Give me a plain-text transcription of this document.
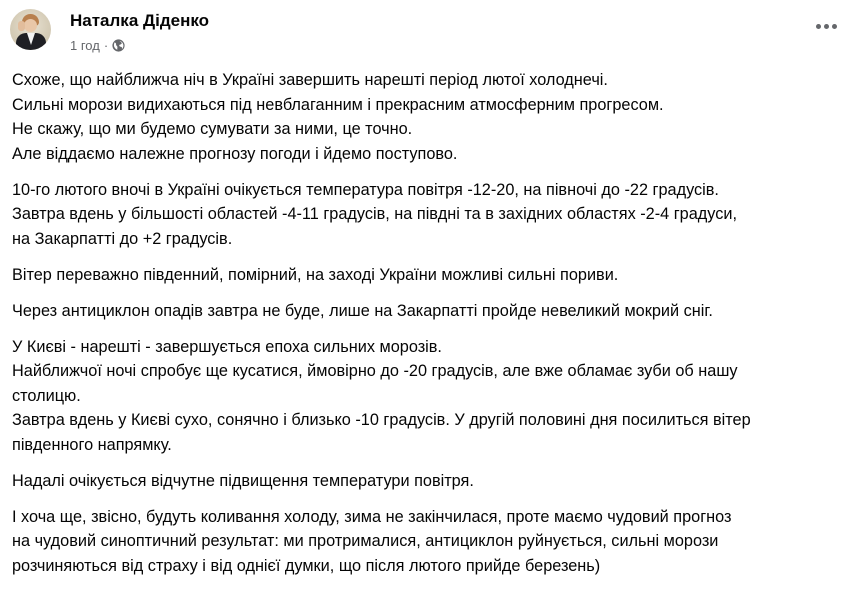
Наталка Діденко
1 год ·
Схоже, що найближча ніч в Україні завершить нарешті період лютої холоднечі.
Сильні морози видихаються під невблаганним і прекрасним атмосферним прогресом.
Не скажу, що ми будемо сумувати за ними, це точно.
Але віддаємо належне прогнозу погоди і йдемо поступово.
10-го лютого вночі в Україні очікується температура повітря -12-20, на півночі до -22 градусів.
Завтра вдень у більшості областей -4-11 градусів, на півдні та в західних областях -2-4 градуси,
на Закарпатті до +2 градусів.
Вітер переважно південний, помірний, на заході України можливі сильні пориви.
Через антициклон опадів завтра не буде, лише на Закарпатті пройде невеликий мокрий сніг.
У Києві - нарешті - завершується епоха сильних морозів.
Найближчої ночі спробує ще кусатися, ймовірно до -20 градусів, але вже обламає зуби об нашу
столицю.
Завтра вдень у Києві сухо, сонячно і близько -10 градусів. У другій половині дня посилиться вітер
південного напрямку.
Надалі очікується відчутне підвищення температури повітря.
І хоча ще, звісно, будуть коливання холоду, зима не закінчилася, проте маємо чудовий прогноз
на чудовий синоптичний результат: ми протрималися, антициклон руйнується, сильні морози
розчиняються від страху і від однієї думки, що після лютого прийде березень)
